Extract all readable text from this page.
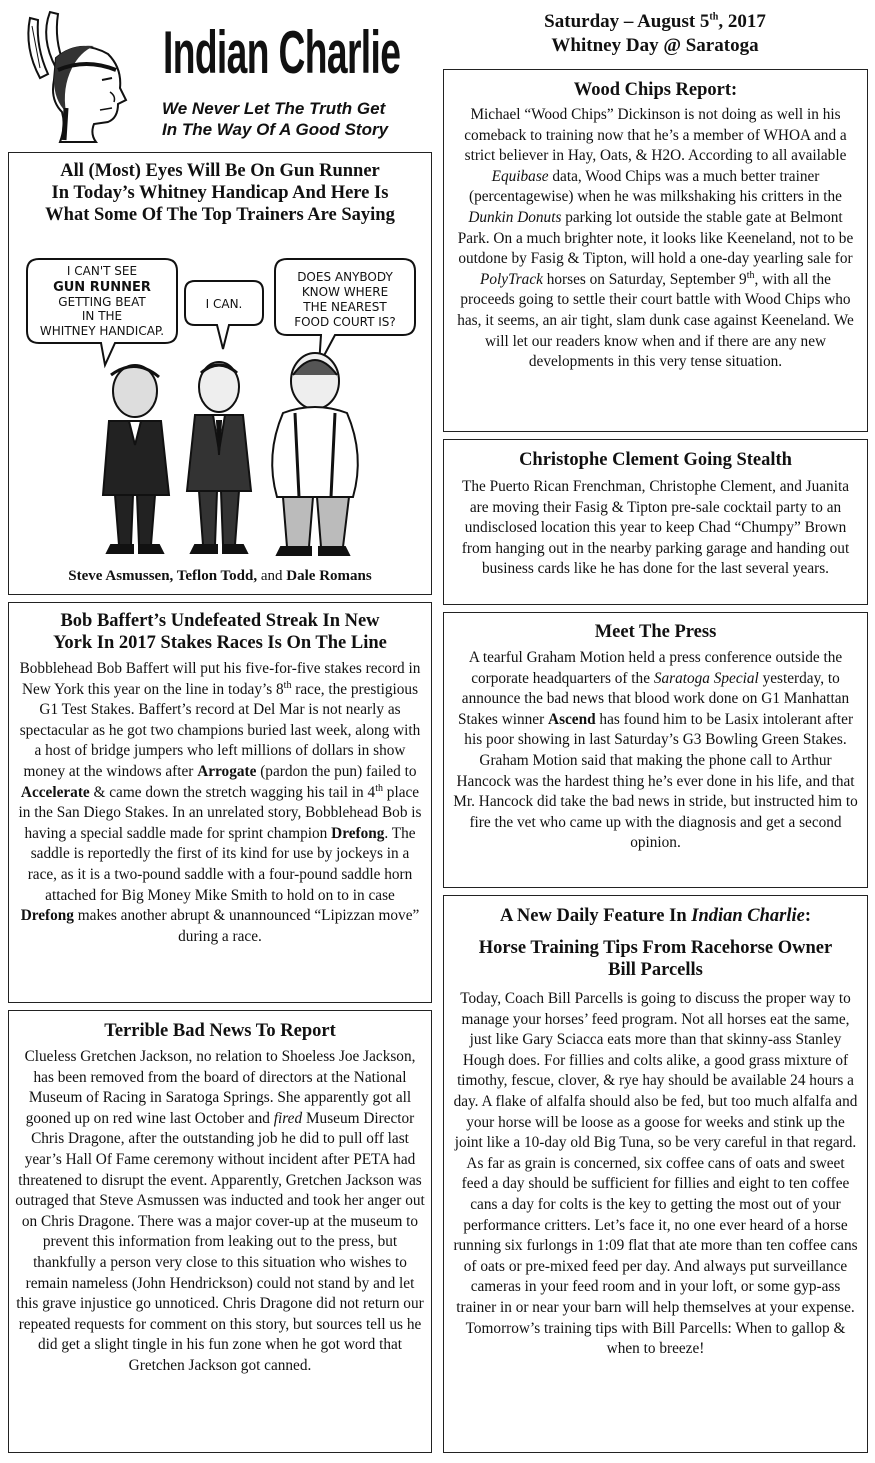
Indian Charlie
We Never Let The Truth Get
In The Way Of A Good Story
Saturday – August 5th, 2017
Whitney Day @ Saratoga

All (Most) Eyes Will Be On Gun Runner

In Today’s Whitney Handicap And Here Is

What Some Of The Top Trainers Are Saying

I CAN'T SEE
GUN RUNNER
GETTING BEAT
IN THE
WHITNEY HANDICAP.
I CAN.
DOES ANYBODY
KNOW WHERE
THE NEAREST
FOOD COURT IS?
Steve Asmussen, Teflon Todd, and Dale Romans

Wood Chips Report:

Michael “Wood Chips” Dickinson is not doing as well in his comeback to training now that he’s a member of WHOA and a strict believer in Hay, Oats, & H2O. According to all available Equibase data, Wood Chips was a much better trainer (percentagewise) when he was milkshaking his critters in the Dunkin Donuts parking lot outside the stable gate at Belmont Park. On a much brighter note, it looks like Keeneland, not to be outdone by Fasig & Tipton, will hold a one-day yearling sale for PolyTrack horses on Saturday, September 9th, with all the proceeds going to settle their court battle with Wood Chips who has, it seems, an air tight, slam dunk case against Keeneland. We will let our readers know when and if there are any new developments in this very tense situation.

Christophe Clement Going Stealth

The Puerto Rican Frenchman, Christophe Clement, and Juanita are moving their Fasig & Tipton pre-sale cocktail party to an undisclosed location this year to keep Chad “Chumpy” Brown from hanging out in the nearby parking garage and handing out business cards like he has done for the last several years.

Bob Baffert’s Undefeated Streak In New

York In 2017 Stakes Races Is On The Line

Bobblehead Bob Baffert will put his five-for-five stakes record in New York this year on the line in today’s 8th race, the prestigious G1 Test Stakes. Baffert’s record at Del Mar is not nearly as spectacular as he got two champions buried last week, along with a host of bridge jumpers who left millions of dollars in show money at the windows after Arrogate (pardon the pun) failed to Accelerate & came down the stretch wagging his tail in 4th place in the San Diego Stakes. In an unrelated story, Bobblehead Bob is having a special saddle made for sprint champion Drefong. The saddle is reportedly the first of its kind for use by jockeys in a race, as it is a two-pound saddle with a four-pound saddle horn attached for Big Money Mike Smith to hold on to in case Drefong makes another abrupt & unannounced “Lipizzan move” during a race.

Meet The Press

A tearful Graham Motion held a press conference outside the corporate headquarters of the Saratoga Special yesterday, to announce the bad news that blood work done on G1 Manhattan Stakes winner Ascend has found him to be Lasix intolerant after his poor showing in last Saturday’s G3 Bowling Green Stakes. Graham Motion said that making the phone call to Arthur Hancock was the hardest thing he’s ever done in his life, and that Mr. Hancock did take the bad news in stride, but instructed him to fire the vet who came up with the diagnosis and get a second opinion.

Terrible Bad News To Report

Clueless Gretchen Jackson, no relation to Shoeless Joe Jackson, has been removed from the board of directors at the National Museum of Racing in Saratoga Springs. She apparently got all gooned up on red wine last October and fired Museum Director Chris Dragone, after the outstanding job he did to pull off last year’s Hall Of Fame ceremony without incident after PETA had threatened to disrupt the event. Apparently, Gretchen Jackson was outraged that Steve Asmussen was inducted and took her anger out on Chris Dragone. There was a major cover-up at the museum to prevent this information from leaking out to the press, but thankfully a person very close to this situation who wishes to remain nameless (John Hendrickson) could not stand by and let this grave injustice go unnoticed. Chris Dragone did not return our repeated requests for comment on this story, but sources tell us he did get a slight tingle in his fun zone when he got word that Gretchen Jackson got canned.

A New Daily Feature In Indian Charlie:

Horse Training Tips From Racehorse Owner

Bill Parcells

Today, Coach Bill Parcells is going to discuss the proper way to manage your horses’ feed program. Not all horses eat the same, just like Gary Sciacca eats more than that skinny-ass Stanley Hough does. For fillies and colts alike, a good grass mixture of timothy, fescue, clover, & rye hay should be available 24 hours a day. A flake of alfalfa should also be fed, but too much alfalfa and your horse will be loose as a goose for weeks and stink up the joint like a 10-day old Big Tuna, so be very careful in that regard. As far as grain is concerned, six coffee cans of oats and sweet feed a day should be sufficient for fillies and eight to ten coffee cans a day for colts is the key to getting the most out of your performance critters. Let’s face it, no one ever heard of a horse running six furlongs in 1:09 flat that ate more than ten coffee cans of oats or pre-mixed feed per day. And always put surveillance cameras in your feed room and in your loft, or some gyp-ass trainer in or near your barn will help themselves at your expense. Tomorrow’s training tips with Bill Parcells: When to gallop & when to breeze!
